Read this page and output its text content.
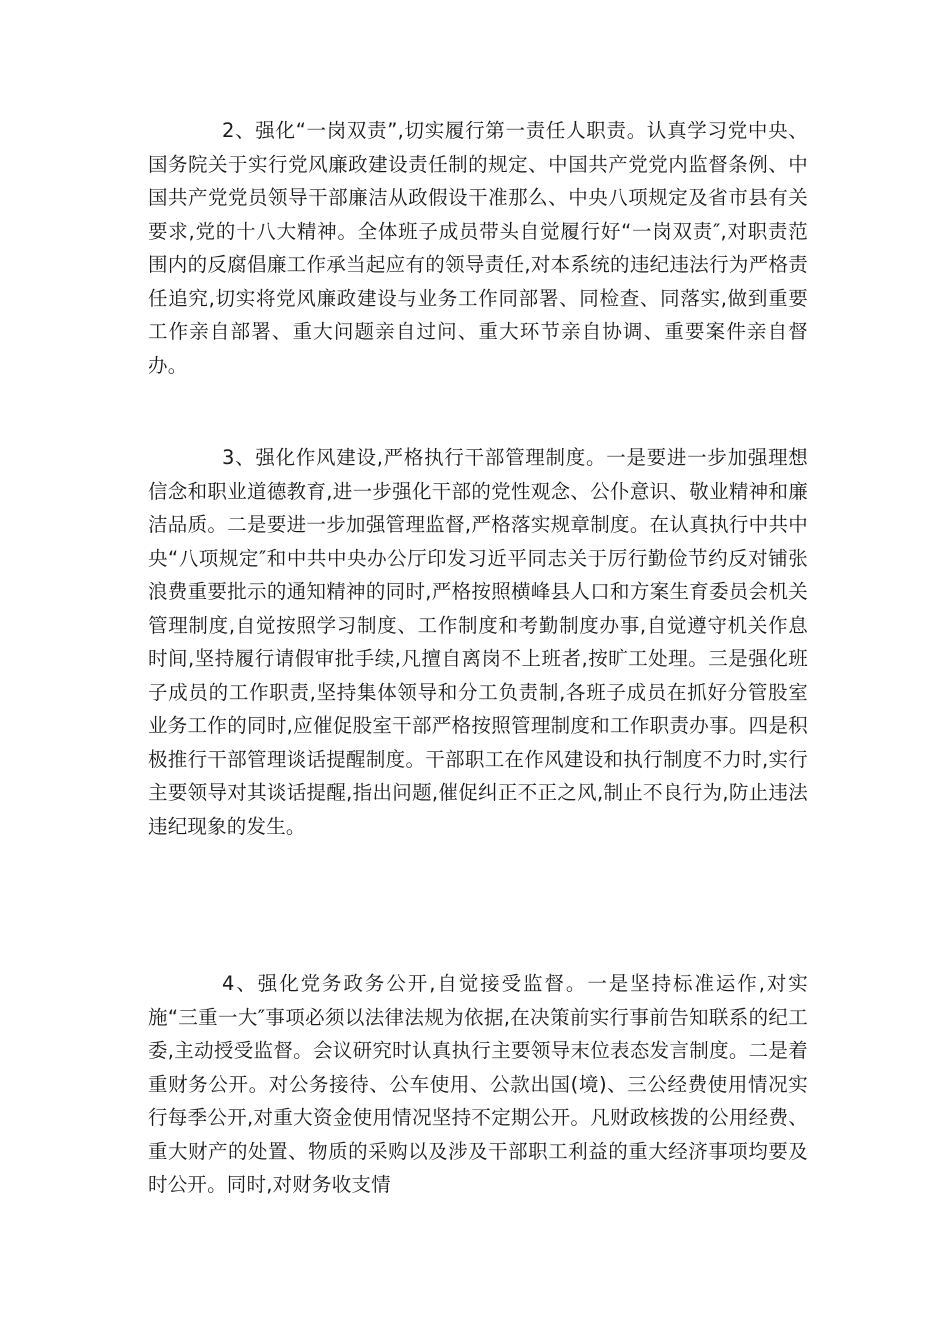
2、强化“一岗双责”,切实履行第一责任人职责。认真学习党中央、国务院关于实行党风廉政建设责任制的规定、中国共产党党内监督条例、中国共产党党员领导干部廉洁从政假设干准那么、中央八项规定及省市县有关要求,党的十八大精神。全体班子成员带头自觉履行好“一岗双责″,对职责范围内的反腐倡廉工作承当起应有的领导责任,对本系统的违纪违法行为严格责任追究,切实将党风廉政建设与业务工作同部署、同检查、同落实,做到重要工作亲自部署、重大问题亲自过问、重大环节亲自协调、重要案件亲自督办。

3、强化作风建设,严格执行干部管理制度。一是要进一步加强理想信念和职业道德教育,进一步强化干部的党性观念、公仆意识、敬业精神和廉洁品质。二是要进一步加强管理监督,严格落实规章制度。在认真执行中共中央“八项规定″和中共中央办公厅印发习近平同志关于厉行勤俭节约反对铺张浪费重要批示的通知精神的同时,严格按照横峰县人口和方案生育委员会机关管理制度,自觉按照学习制度、工作制度和考勤制度办事,自觉遵守机关作息时间,坚持履行请假审批手续,凡擅自离岗不上班者,按旷工处理。三是强化班子成员的工作职责,坚持集体领导和分工负责制,各班子成员在抓好分管股室业务工作的同时,应催促股室干部严格按照管理制度和工作职责办事。四是积极推行干部管理谈话提醒制度。干部职工在作风建设和执行制度不力时,实行主要领导对其谈话提醒,指出问题,催促纠正不正之风,制止不良行为,防止违法违纪现象的发生。

4、强化党务政务公开,自觉接受监督。一是坚持标准运作,对实施“三重一大″事项必须以法律法规为依据,在决策前实行事前告知联系的纪工委,主动授受监督。会议研究时认真执行主要领导末位表态发言制度。二是着重财务公开。对公务接待、公车使用、公款出国(境)、三公经费使用情况实行每季公开,对重大资金使用情况坚持不定期公开。凡财政核拨的公用经费、重大财产的处置、物质的采购以及涉及干部职工利益的重大经济事项均要及时公开。同时,对财务收支情
